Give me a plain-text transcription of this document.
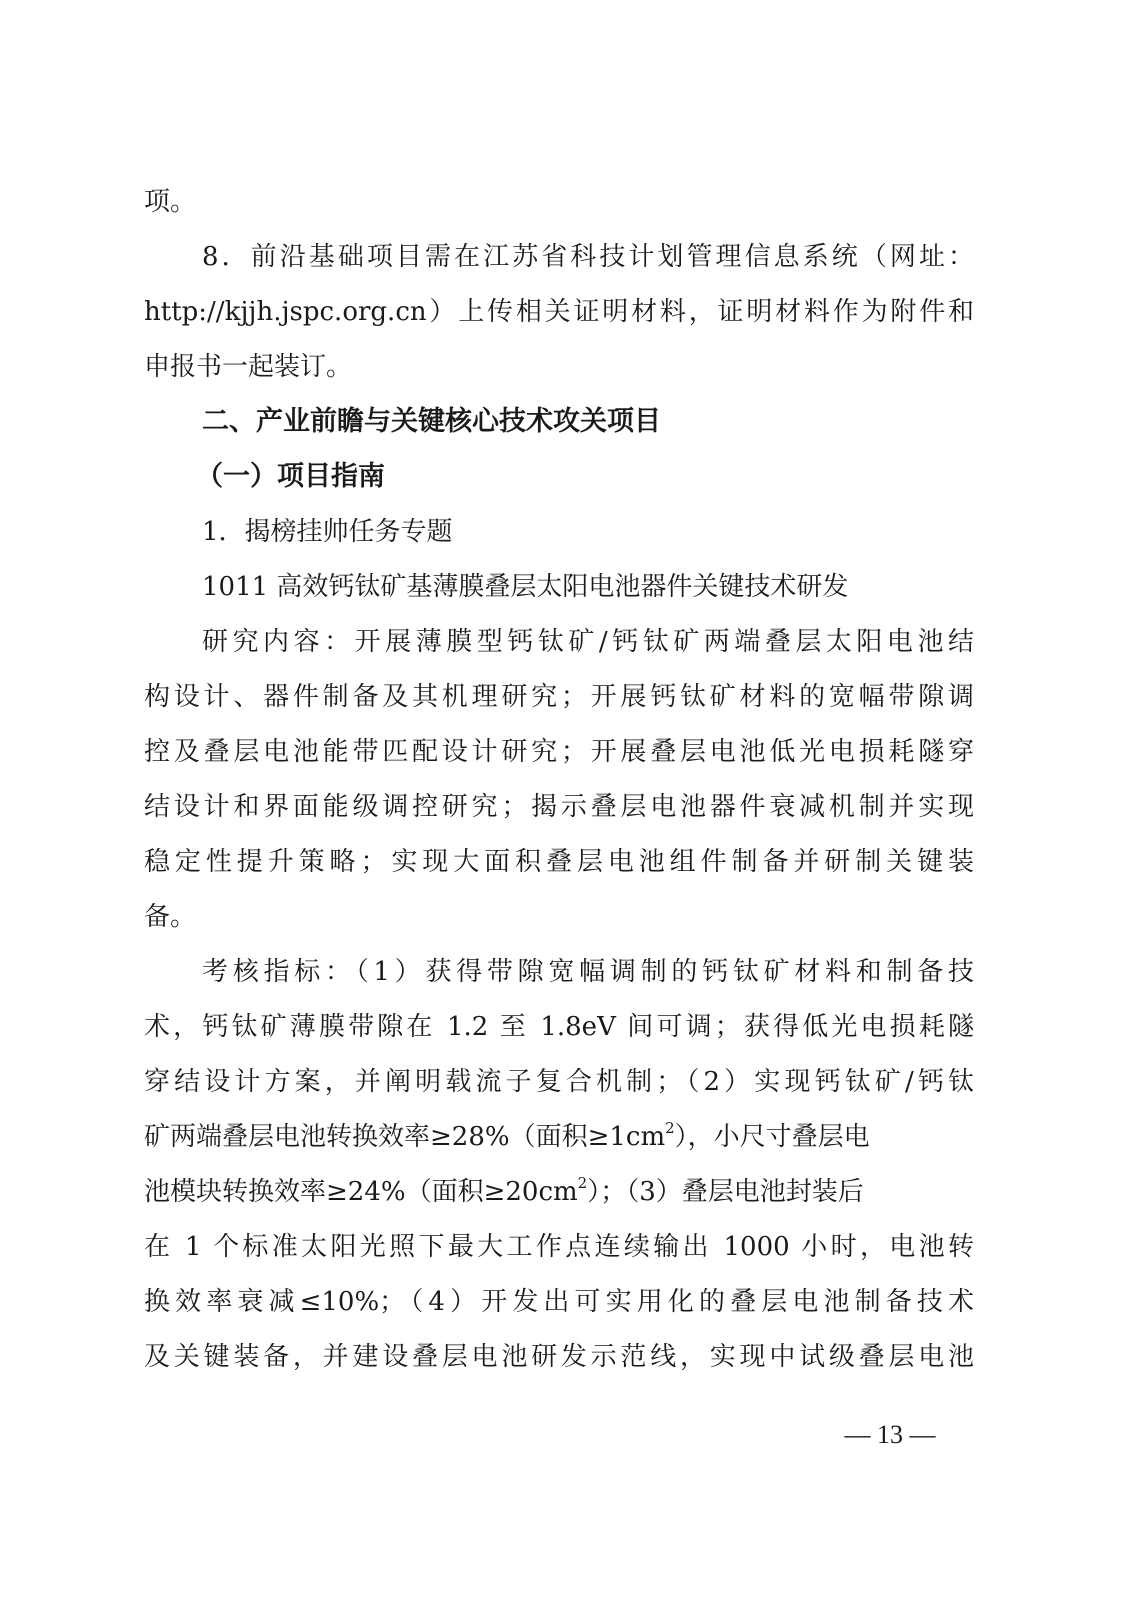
项。
8．前沿基础项目需在江苏省科技计划管理信息系统（网址：
http://kjjh.jspc.org.cn）上传相关证明材料，证明材料作为附件和
申报书一起装订。
二、产业前瞻与关键核心技术攻关项目
（一）项目指南
1．揭榜挂帅任务专题
1011 高效钙钛矿基薄膜叠层太阳电池器件关键技术研发
研究内容：开展薄膜型钙钛矿/钙钛矿两端叠层太阳电池结
构设计、器件制备及其机理研究；开展钙钛矿材料的宽幅带隙调
控及叠层电池能带匹配设计研究；开展叠层电池低光电损耗隧穿
结设计和界面能级调控研究；揭示叠层电池器件衰减机制并实现
稳定性提升策略；实现大面积叠层电池组件制备并研制关键装
备。
考核指标：（1）获得带隙宽幅调制的钙钛矿材料和制备技
术，钙钛矿薄膜带隙在 1.2 至 1.8eV 间可调；获得低光电损耗隧
穿结设计方案，并阐明载流子复合机制；（2）实现钙钛矿/钙钛
矿两端叠层电池转换效率≥28%（面积$\ge 1cm^2$），小尺寸叠层电
池模块转换效率≥24%（面积$\ge 20cm^2$）；（3）叠层电池封装后
在 1 个标准太阳光照下最大工作点连续输出 1000 小时，电池转
换效率衰减≤10%；（4）开发出可实用化的叠层电池制备技术
及关键装备，并建设叠层电池研发示范线，实现中试级叠层电池
— 13 —
